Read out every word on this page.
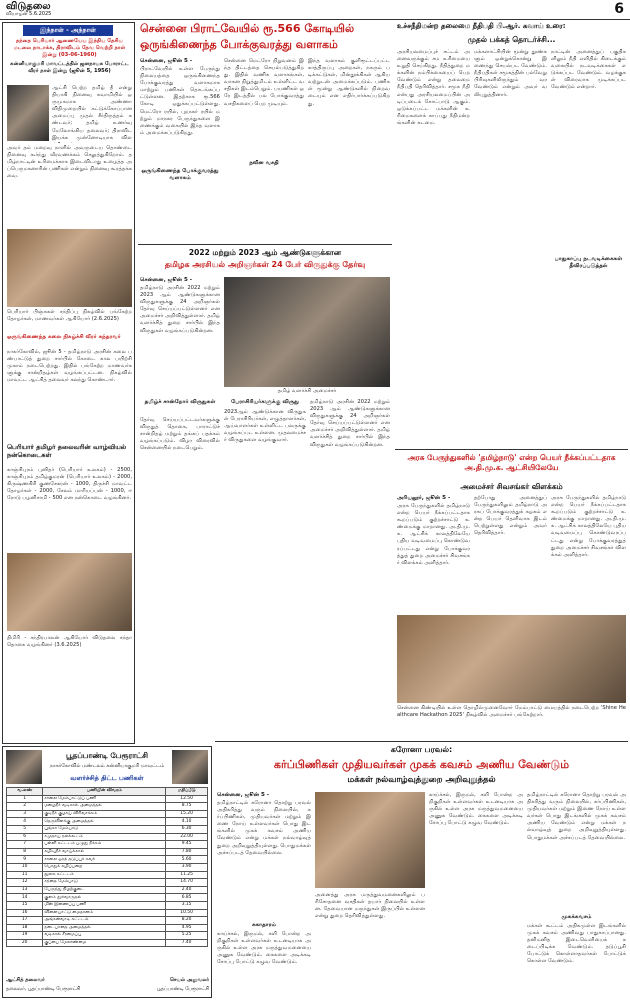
விடுதலை
வியாழன் 5.6.2025	6
இந்நாள் - அந்நாள்
தந்தை பெரியார் ஆணையேய இந்திய தேசிய மடலை நாடாக்க, திராவிடம் தேவ வெற்றி நாள் இன்று (03-06-1960)
கன்னியாகுமரி மாவட்டத்தில் ஜனநாயக போராட்ட வீரர் நாள் இன்று (ஜூன் 5, 1956)
ஆட்சி பெற்ற தமிழ் தீ என்று தியாகி நினைவு சுவாமியில் ஒருமுகமாக அண்ணா விதிமுறையில் கட்டுக்கோப்பான அமைப்பு முதல் சீர்திருத்தம் கண்டவர்; தமிழ் உணர்வு மேலோங்கிய தலைவர்; திராவிட இயக்க முன்னோடியாக விள
அவர் தம் மறைவு நாளில் அவருடைய தொண்டை நினைவு கூர்ந்து வீரவணக்கம் செலுத்துகிறோம். தமிழ்நாட்டின் உரிமைக்காக இடைவிடாது உழைத்த அப்பெருமகனாரின் பணிகள் என்றும் நினைவு கூரத்தக்கவை.
பெரியார் பிஞ்சுகள் சந்திப்பு நிகழ்வில் பங்கேற்ற தோழர்கள், மாணவர்கள் ஆகியோர் (2.6.2025)
ஒருங்கிணைந்த கலை நிகழ்ச்சி வீரர் சுந்தரவர்
நாகர்கோவில், ஜூன் 5 - தமிழ்நாடு அரசின் கலை பண்பாட்டுத் துறை சார்பில் கோடை கால பயிற்சி முகாம் நடைபெற்றது. இதில் பங்கேற்ற மாணவர்களுக்கு சான்றிதழ்கள் வழங்கப்பட்டன. நிகழ்வில் மாவட்ட ஆட்சித் தலைவர் கலந்து கொண்டார்.
பெரியார் தமிழர் தலைவரின் வாழ்வியல் நன்கொடைகள்
காஞ்சிபுரம் புனிதர் (பெரியார் உலகம்) - 2500, காஞ்சிபுரம் தமிழ்குமரன் (பெரியார் உலகம்) - 2000, கிருஷ்ணகிரி குணசேகரன் - 1000, திருச்சி மாவட்ட தோழர்கள் - 2000, சேலம் மாரியப்பன் - 1000, ஈரோடு பழனிசாமி - 500 என நன்கொடை வழங்கினர்.
திமிரி - சந்திரபாலன் ஆகியோர் விடுதலை சந்தா தொகை வழங்கினர் (3.6.2025)
சென்னை பிராட்வேயில் ரூ.566 கோடியில்
ஒருங்கிணைந்த போக்குவரத்து வளாகம்
சென்னை, ஜூன் 5 -
பிராட்வேயில் உள்ள பேருந்து நிலையத்தை ஒருங்கிணைந்த போக்குவரத்து வளாகமாக மாற்றும் பணிகள் தொடங்கப்பட்டுள்ளன. இதற்காக ரூ.566 கோடி ஒதுக்கப்பட்டுள்ளது. மெட்ரோ ரயில், புறநகர் ரயில் மற்றும் மாநகர பேருந்துகளை இணைக்கும் வகையில் இந்த வளாகம் அமைக்கப்படுகிறது.
ஒருங்கிணைந்த போக்குவரத்து வளாகம்
சென்னை மெட்ரோ நிறுவனம் இந்த திட்டத்தை செயல்படுத்துகிறது. இதில் வணிக வளாகங்கள், வாகன நிறுத்துமிடம் உள்ளிட்ட வசதிகள் இடம்பெறும். பயணிகள் ஒரே இடத்தில் பல போக்குவரத்து வசதிகளைப் பெற முடியும்.
நவீன வசதி
இந்த வளாகம் குளிரூட்டப்பட்ட காத்திருப்பு அறைகள், நகரும் படிக்கட்டுகள், மின்தூக்கிகள் ஆகியவற்றுடன் அமைக்கப்படும். பணிகள் மூன்று ஆண்டுகளில் நிறைவடையும் என எதிர்பார்க்கப்படுகிறது.
2022 மற்றும் 2023 ஆம் ஆண்டுகளுக்கான
தமிழக அரசியல் அறிஞர்கள் 24 பேர் விருதுக்கு தேர்வு
சென்னை, ஜூன் 5 -
தமிழ்நாடு அரசின் 2022 மற்றும் 2023 ஆம் ஆண்டுகளுக்கான விருதுகளுக்கு 24 அறிஞர்கள் தேர்வு செய்யப்பட்டுள்ளனர் என அமைச்சர் அறிவித்துள்ளார். தமிழ் வளர்ச்சித் துறை சார்பில் இந்த விருதுகள் வழங்கப்படுகின்றன.
தமிழ் வளர்ச்சி அமைச்சர்
தமிழ்ச் சான்றோர் விருதுகள்
தேர்வு செய்யப்பட்டவர்களுக்கு விருதுத் தொகை, பாராட்டுச் சான்றிதழ் மற்றும் தங்கப் பதக்கம் வழங்கப்படும். விழா விரைவில் சென்னையில் நடைபெறும்.
பேராசிரியர்களுக்கு விருது
2023ஆம் ஆண்டுக்கான விருதுகள் பேராசிரியர்கள், எழுத்தாளர்கள், ஆய்வாளர்கள் உள்ளிட்ட பலருக்கு வழங்கப்பட உள்ளன. முதலமைச்சர் விருதுகளை வழங்குவார்.
தமிழ்நாடு அரசின் 2022 மற்றும் 2023 ஆம் ஆண்டுகளுக்கான விருதுகளுக்கு 24 அறிஞர்கள் தேர்வு செய்யப்பட்டுள்ளனர் என அமைச்சர் அறிவித்துள்ளார். தமிழ் வளர்ச்சித் துறை சார்பில் இந்த விருதுகள் வழங்கப்படுகின்றன.
உச்சநீதிமன்ற தலைமை நீதிபதி பி.ஆர். கவாய் உரை:
முதல் பக்கத் தொடர்ச்சி...
அரசியலமைப்புச் சட்டம் அனைவருக்கும் சம உரிமையை உறுதி செய்கிறது. நீதித்துறை மக்களின் நம்பிக்கையைப் பெற வேண்டும் என்று தலைமை நீதிபதி தெரிவித்தார். சமூக நீதி என்பது அரசியலமைப்பின் அடிப்படைக் கோட்பாடு ஆகும். ஒடுக்கப்பட்ட மக்களின் உரிமைகளைக் காப்பது நீதிமன்றங்களின் கடமை.
மக்களாட்சியின் மூன்று தூண்களும் ஒன்றுக்கொன்று இணைந்து செயல்பட வேண்டும். நீதிபதிகள் சமூகத்தின் பல்வேறு பிரிவுகளிலிருந்தும் வர வேண்டும் என்றும் அவர் வலியுறுத்தினார்.
பாதுகாப்பு நடவடிக்கைகள் தீவிரப்படுத்தல்
நாட்டின் அனைத்துப் பகுதிகளிலும் நீதி எளிதில் கிடைக்கும் வகையில் நடவடிக்கைகள் எடுக்கப்பட வேண்டும். வழக்குகள் விரைவாக முடிக்கப்பட வேண்டும் என்றார்.
அரசு பேருந்துகளில் 'தமிழ்நாடு' என்ற பெயர் நீக்கப்பட்டதாக அ.தி.மு.க. ஆட்சியிலேயே
அமைச்சர் சிவசங்கர் விளக்கம்
அரியலூர், ஜூன் 5 -
அரசு பேருந்துகளில் தமிழ்நாடு என்ற பெயர் நீக்கப்பட்டதாக கூறப்படும் குற்றச்சாட்டு உண்மைக்கு மாறானது. அ.தி.மு.க. ஆட்சிக் காலத்திலேயே புதிய வடிவமைப்பு கொண்டுவரப்பட்டது என்று போக்குவரத்துத் துறை அமைச்சர் சிவசங்கர் விளக்கம் அளித்தார்.
தற்போது அனைத்துப் பேருந்துகளிலும் தமிழ்நாடு அரசுப் போக்குவரத்துக் கழகம் என்ற பெயர் தெளிவாக இடம் பெற்றுள்ளது என்றும் அவர் தெரிவித்தார்.
அரசு பேருந்துகளில் தமிழ்நாடு என்ற பெயர் நீக்கப்பட்டதாக கூறப்படும் குற்றச்சாட்டு உண்மைக்கு மாறானது. அ.தி.மு.க. ஆட்சிக் காலத்திலேயே புதிய வடிவமைப்பு கொண்டுவரப்பட்டது என்று போக்குவரத்துத் துறை அமைச்சர் சிவசங்கர் விளக்கம் அளித்தார்.
சென்னை கிண்டியில் உள்ள தொழில்முனைவோர் மேம்பாட்டு மையத்தில் நடைபெற்ற 'Shine Healthcare Hackathon 2025' நிகழ்வில் அமைச்சர் பங்கேற்றார்.
பூதப்பாண்டி பேரூராட்சி
நாகர்கோவில் மண்டலம் கன்னியாகுமரி மாவட்டம்
வளர்ச்சித் திட்ட பணிகள்
வ.எண்	பணியின் விவரம்	மதிப்பீடு
1	சாலை மேம்பாட்டுப் பணி	12.50
2	மழைநீர் வடிகால் அமைத்தல்	8.75
3	குடிநீர் குழாய் விரிவாக்கம்	15.20
4	தெருவிளக்கு அமைத்தல்	4.10
5	பூங்கா மேம்பாடு	6.30
6	சமுதாய நலக்கூடம்	22.00
7	பள்ளி கட்டடம் பழுது நீக்கம்	9.45
8	கழிவுநீர் வாய்க்கால்	7.80
9	சாலை ஓரத் தடுப்புச் சுவர்	5.60
10	பொதுக் கழிப்பறை	3.90
11	நூலக கட்டடம்	11.25
12	சந்தை மேம்பாடு	14.70
13	பேருந்து நிழற்குடை	2.40
14	குளம் தூர்வாருதல்	6.85
15	மின் இணைப்பு பணி	3.15
16	விளையாட்டு மைதானம்	10.50
17	அங்கன்வாடி கட்டடம்	8.20
18	நடைபாதை அமைத்தல்	4.95
19	வடிகால் சீரமைப்பு	5.25
20	குப்பை மேலாண்மை	7.40
ஆட்சித் தலைவர்
தலைவர், பூதப்பாண்டி பேரூராட்சி
செயல் அலுவலர்
பூதப்பாண்டி பேரூராட்சி
கரோனா பரவல்:
கர்ப்பிணிகள் முதியவர்கள் முகக் கவசம் அணிய வேண்டும்
மக்கள் நல்வாழ்வுத்துறை அறிவுறுத்தல்
சென்னை, ஜூன் 5 -
தமிழ்நாட்டில் கரோனா தொற்று பரவல் அதிகரித்து வரும் நிலையில், கர்ப்பிணிகள், முதியவர்கள் மற்றும் இணை நோய் உள்ளவர்கள் பொது இடங்களில் முகக் கவசம் அணிய வேண்டும் என்று மக்கள் நல்வாழ்வுத் துறை அறிவுறுத்தியுள்ளது. பொதுமக்கள் அச்சப்படத் தேவையில்லை.
சுகாதாரம்
காய்ச்சல், இருமல், சளி போன்ற அறிகுறிகள் உள்ளவர்கள் உடனடியாக அருகில் உள்ள அரசு மருத்துவமனையை அணுக வேண்டும். கைகளை அடிக்கடி சோப்பு போட்டு கழுவ வேண்டும்.
அனைத்து அரசு மருத்துவமனைகளிலும் பரிசோதனை வசதிகள் தயார் நிலையில் உள்ளன. தேவையான மருந்துகள் இருப்பில் உள்ளன என்று துறை தெரிவித்துள்ளது.
காய்ச்சல், இருமல், சளி போன்ற அறிகுறிகள் உள்ளவர்கள் உடனடியாக அருகில் உள்ள அரசு மருத்துவமனையை அணுக வேண்டும். கைகளை அடிக்கடி சோப்பு போட்டு கழுவ வேண்டும்.
தமிழ்நாட்டில் கரோனா தொற்று பரவல் அதிகரித்து வரும் நிலையில், கர்ப்பிணிகள், முதியவர்கள் மற்றும் இணை நோய் உள்ளவர்கள் பொது இடங்களில் முகக் கவசம் அணிய வேண்டும் என்று மக்கள் நல்வாழ்வுத் துறை அறிவுறுத்தியுள்ளது. பொதுமக்கள் அச்சப்படத் தேவையில்லை.
முகக்கவசம்
மக்கள் கூட்டம் அதிகமுள்ள இடங்களில் முகக் கவசம் அணிவது பாதுகாப்பானது. தனிமனித இடைவெளியைக் கடைப்பிடிக்க வேண்டும். தடுப்பூசி போட்டுக் கொள்ளாதவர்கள் போட்டுக் கொள்ள வேண்டும்.
